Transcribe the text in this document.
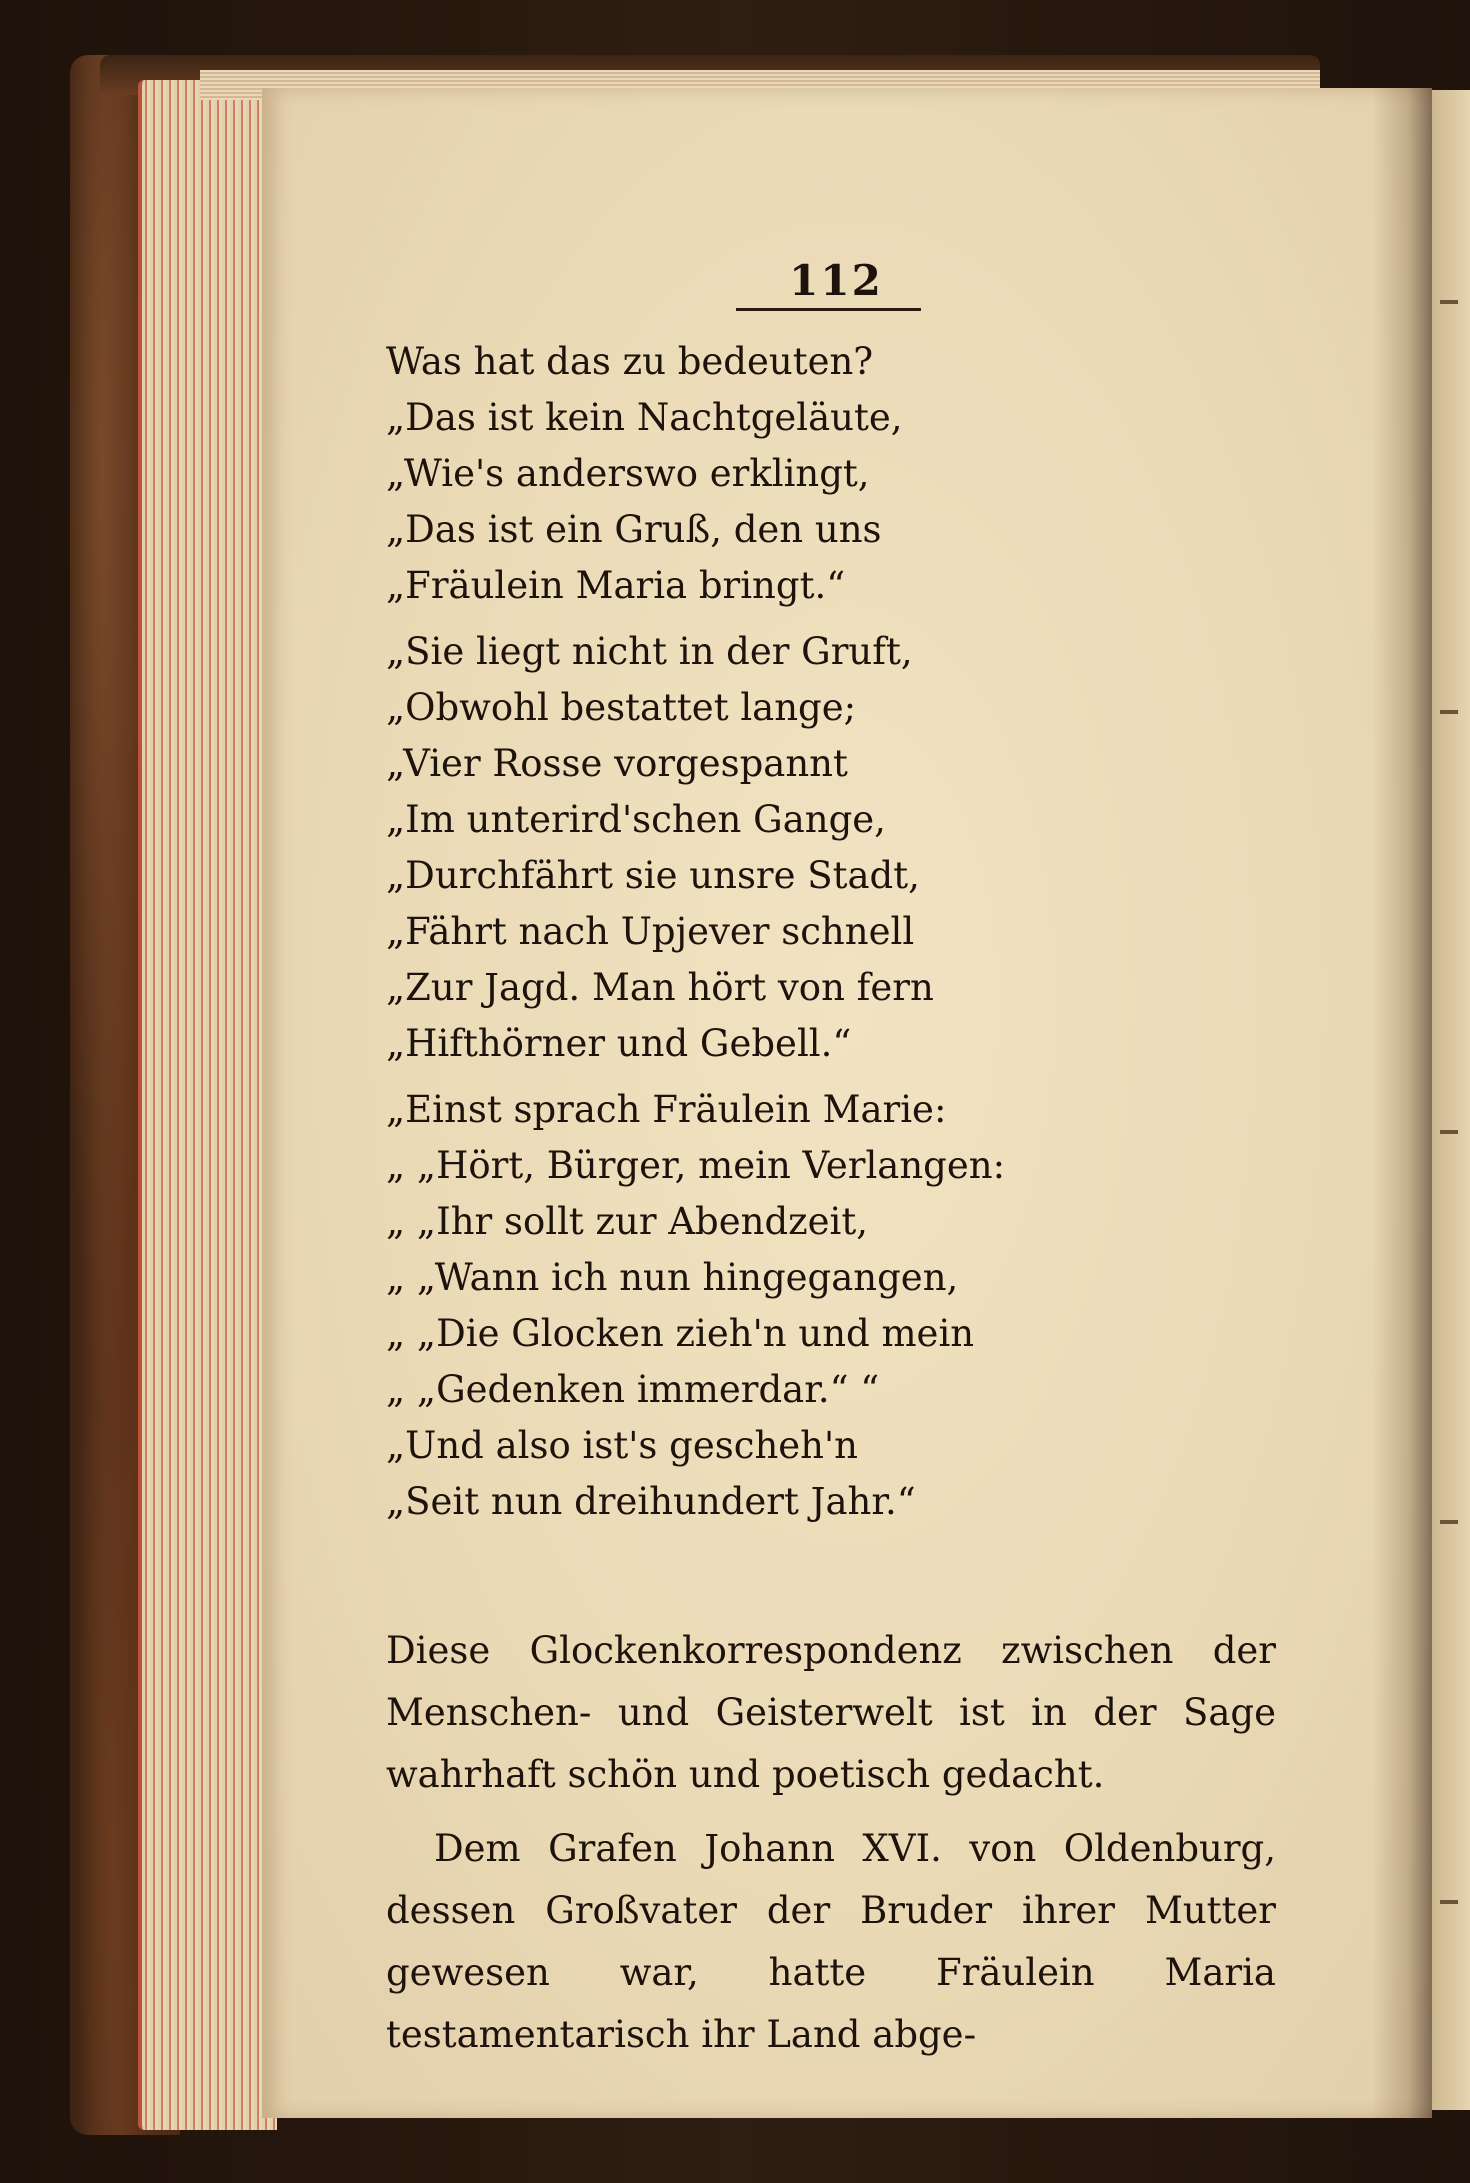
112
Was hat das zu bedeuten?
„Das ist kein Nachtgeläute,
„Wie's anderswo erklingt,
„Das ist ein Gruß, den uns
„Fräulein Maria bringt.“
„Sie liegt nicht in der Gruft,
„Obwohl bestattet lange;
„Vier Rosse vorgespannt
„Im unterird'schen Gange,
„Durchfährt sie unsre Stadt,
„Fährt nach Upjever schnell
„Zur Jagd. Man hört von fern
„Hifthörner und Gebell.“
„Einst sprach Fräulein Marie:
„ „Hört, Bürger, mein Verlangen:
„ „Ihr sollt zur Abendzeit,
„ „Wann ich nun hingegangen,
„ „Die Glocken zieh'n und mein
„ „Gedenken immerdar.“ “
„Und also ist's gescheh'n
„Seit nun dreihundert Jahr.“

Diese Glockenkorrespondenz zwischen der Menschen- und Geisterwelt ist in der Sage wahrhaft schön und poetisch gedacht.

Dem Grafen Johann XVI. von Oldenburg, dessen Großvater der Bruder ihrer Mutter gewesen war, hatte Fräulein Maria testamentarisch ihr Land abge-
